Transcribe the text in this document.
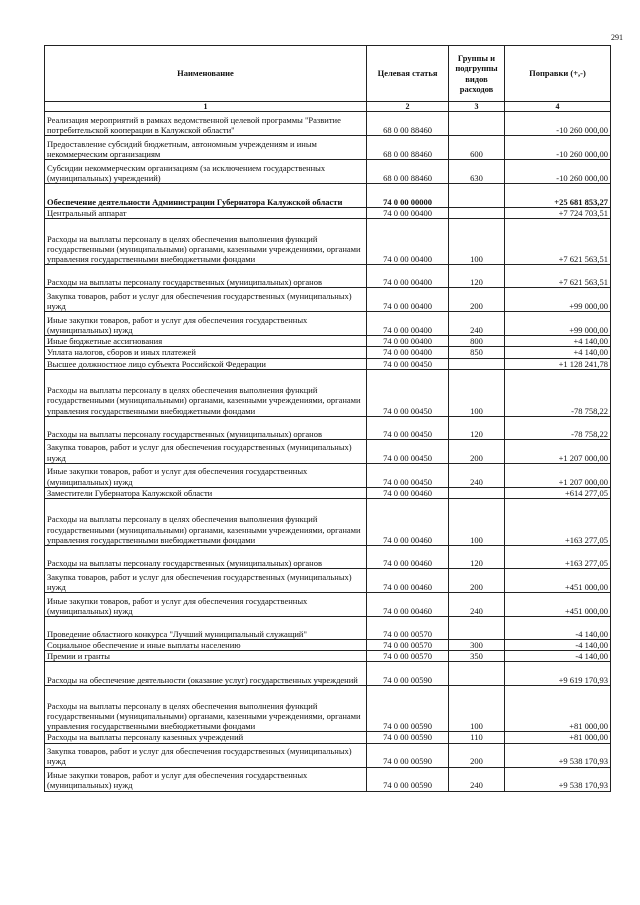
291
Наименование	Целевая статья	Группы и подгруппы видов расходов	Поправки (+,-)
1	2	3	4
Реализация мероприятий в рамках ведомственной целевой программы "Развитие потребительской кооперации в Калужской области"	68 0 00 88460		-10 260 000,00
Предоставление субсидий бюджетным, автономным учреждениям и иным некоммерческим организациям	68 0 00 88460	600	-10 260 000,00
Субсидии некоммерческим организациям (за исключением государственных (муниципальных) учреждений)	68 0 00 88460	630	-10 260 000,00
Обеспечение деятельности Администрации Губернатора Калужской области	74 0 00 00000		+25 681 853,27
Центральный аппарат	74 0 00 00400		+7 724 703,51
Расходы на выплаты персоналу в целях обеспечения выполнения функций государственными (муниципальными) органами, казенными учреждениями, органами управления государственными внебюджетными фондами	74 0 00 00400	100	+7 621 563,51
Расходы на выплаты персоналу государственных (муниципальных) органов	74 0 00 00400	120	+7 621 563,51
Закупка товаров, работ и услуг для обеспечения государственных (муниципальных) нужд	74 0 00 00400	200	+99 000,00
Иные закупки товаров, работ и услуг для обеспечения государственных (муниципальных) нужд	74 0 00 00400	240	+99 000,00
Иные бюджетные ассигнования	74 0 00 00400	800	+4 140,00
Уплата налогов, сборов и иных платежей	74 0 00 00400	850	+4 140,00
Высшее должностное лицо субъекта Российской Федерации	74 0 00 00450		+1 128 241,78
Расходы на выплаты персоналу в целях обеспечения выполнения функций государственными (муниципальными) органами, казенными учреждениями, органами управления государственными внебюджетными фондами	74 0 00 00450	100	-78 758,22
Расходы на выплаты персоналу государственных (муниципальных) органов	74 0 00 00450	120	-78 758,22
Закупка товаров, работ и услуг для обеспечения государственных (муниципальных) нужд	74 0 00 00450	200	+1 207 000,00
Иные закупки товаров, работ и услуг для обеспечения государственных (муниципальных) нужд	74 0 00 00450	240	+1 207 000,00
Заместители Губернатора Калужской области	74 0 00 00460		+614 277,05
Расходы на выплаты персоналу в целях обеспечения выполнения функций государственными (муниципальными) органами, казенными учреждениями, органами управления государственными внебюджетными фондами	74 0 00 00460	100	+163 277,05
Расходы на выплаты персоналу государственных (муниципальных) органов	74 0 00 00460	120	+163 277,05
Закупка товаров, работ и услуг для обеспечения государственных (муниципальных) нужд	74 0 00 00460	200	+451 000,00
Иные закупки товаров, работ и услуг для обеспечения государственных (муниципальных) нужд	74 0 00 00460	240	+451 000,00
Проведение областного конкурса "Лучший муниципальный служащий"	74 0 00 00570		-4 140,00
Социальное обеспечение и иные выплаты населению	74 0 00 00570	300	-4 140,00
Премии и гранты	74 0 00 00570	350	-4 140,00
Расходы на обеспечение деятельности (оказание услуг) государственных учреждений	74 0 00 00590		+9 619 170,93
Расходы на выплаты персоналу в целях обеспечения выполнения функций государственными (муниципальными) органами, казенными учреждениями, органами управления государственными внебюджетными фондами	74 0 00 00590	100	+81 000,00
Расходы на выплаты персоналу казенных учреждений	74 0 00 00590	110	+81 000,00
Закупка товаров, работ и услуг для обеспечения государственных (муниципальных) нужд	74 0 00 00590	200	+9 538 170,93
Иные закупки товаров, работ и услуг для обеспечения государственных (муниципальных) нужд	74 0 00 00590	240	+9 538 170,93
